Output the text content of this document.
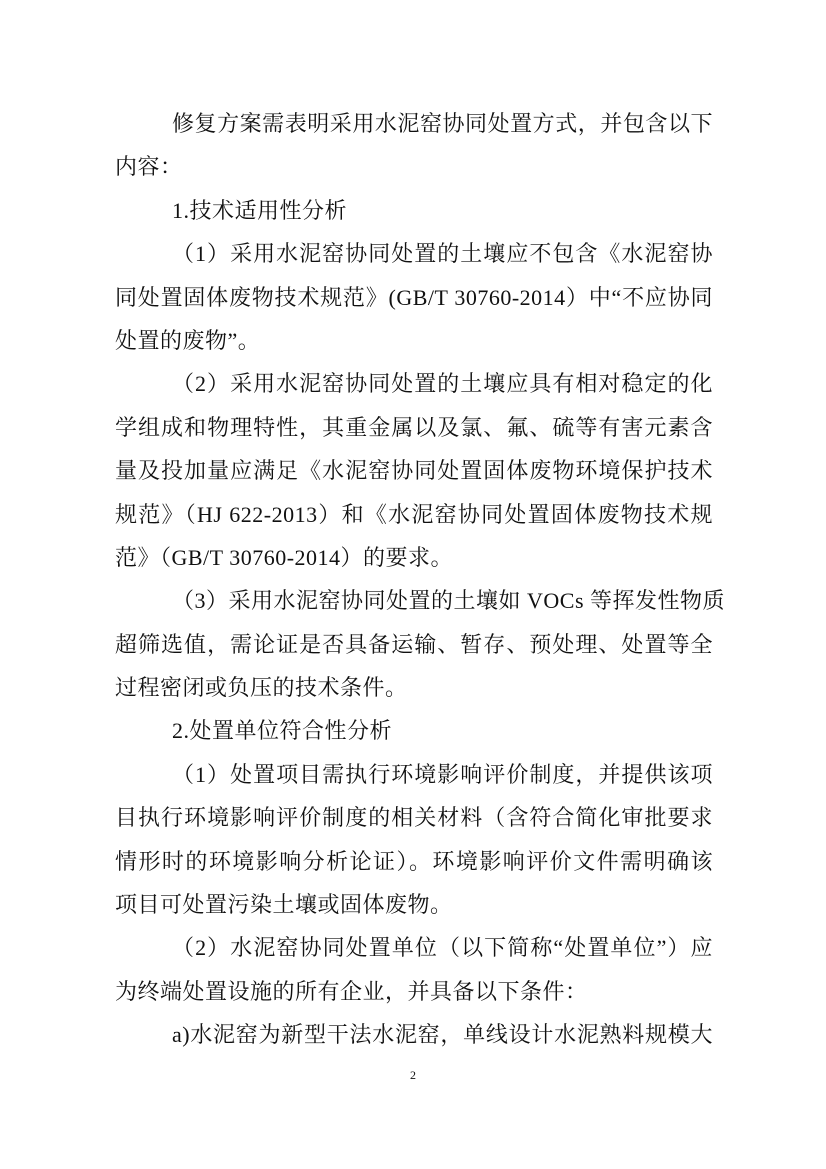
修复方案需表明采用水泥窑协同处置方式，并包含以下
内容：
1.技术适用性分析
（1）采用水泥窑协同处置的土壤应不包含《水泥窑协
同处置固体废物技术规范》(GB/T 30760-2014）中“不应协同
处置的废物”。
（2）采用水泥窑协同处置的土壤应具有相对稳定的化
学组成和物理特性，其重金属以及氯、氟、硫等有害元素含
量及投加量应满足《水泥窑协同处置固体废物环境保护技术
规范》（HJ 622-2013）和《水泥窑协同处置固体废物技术规
范》（GB/T 30760-2014）的要求。
（3）采用水泥窑协同处置的土壤如 VOCs 等挥发性物质
超筛选值，需论证是否具备运输、暂存、预处理、处置等全
过程密闭或负压的技术条件。
2.处置单位符合性分析
（1）处置项目需执行环境影响评价制度，并提供该项
目执行环境影响评价制度的相关材料（含符合简化审批要求
情形时的环境影响分析论证）。环境影响评价文件需明确该
项目可处置污染土壤或固体废物。
（2）水泥窑协同处置单位（以下简称“处置单位”）应
为终端处置设施的所有企业，并具备以下条件：
a)水泥窑为新型干法水泥窑，单线设计水泥熟料规模大
2
